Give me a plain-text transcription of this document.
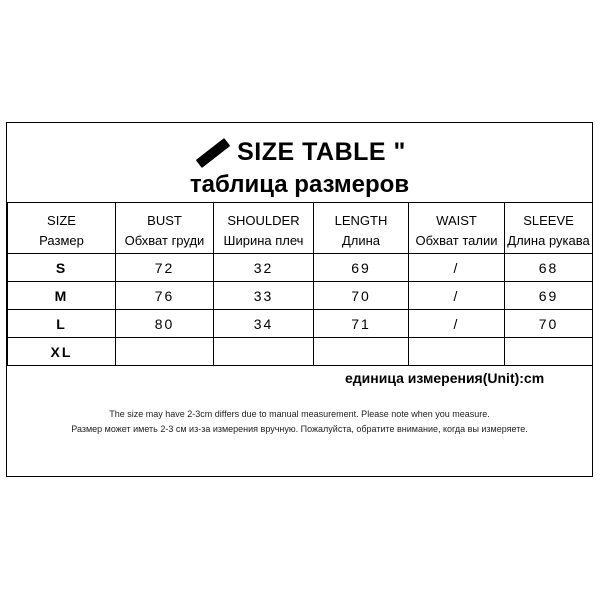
SIZE TABLE "
таблица размеров
SIZE	BUST	SHOULDER	LENGTH	WAIST	SLEEVE
Размер	Обхват груди	Ширина плеч	Длина	Обхват талии	Длина рукава
S	72	32	69	/	68
M	76	33	70	/	69
L	80	34	71	/	70
XL					
единица измерения(Unit):cm
The size may have 2-3cm differs due to manual measurement. Please note when you measure.
Размер может иметь 2-3 см из-за измерения вручную. Пожалуйста, обратите внимание, когда вы измеряете.
